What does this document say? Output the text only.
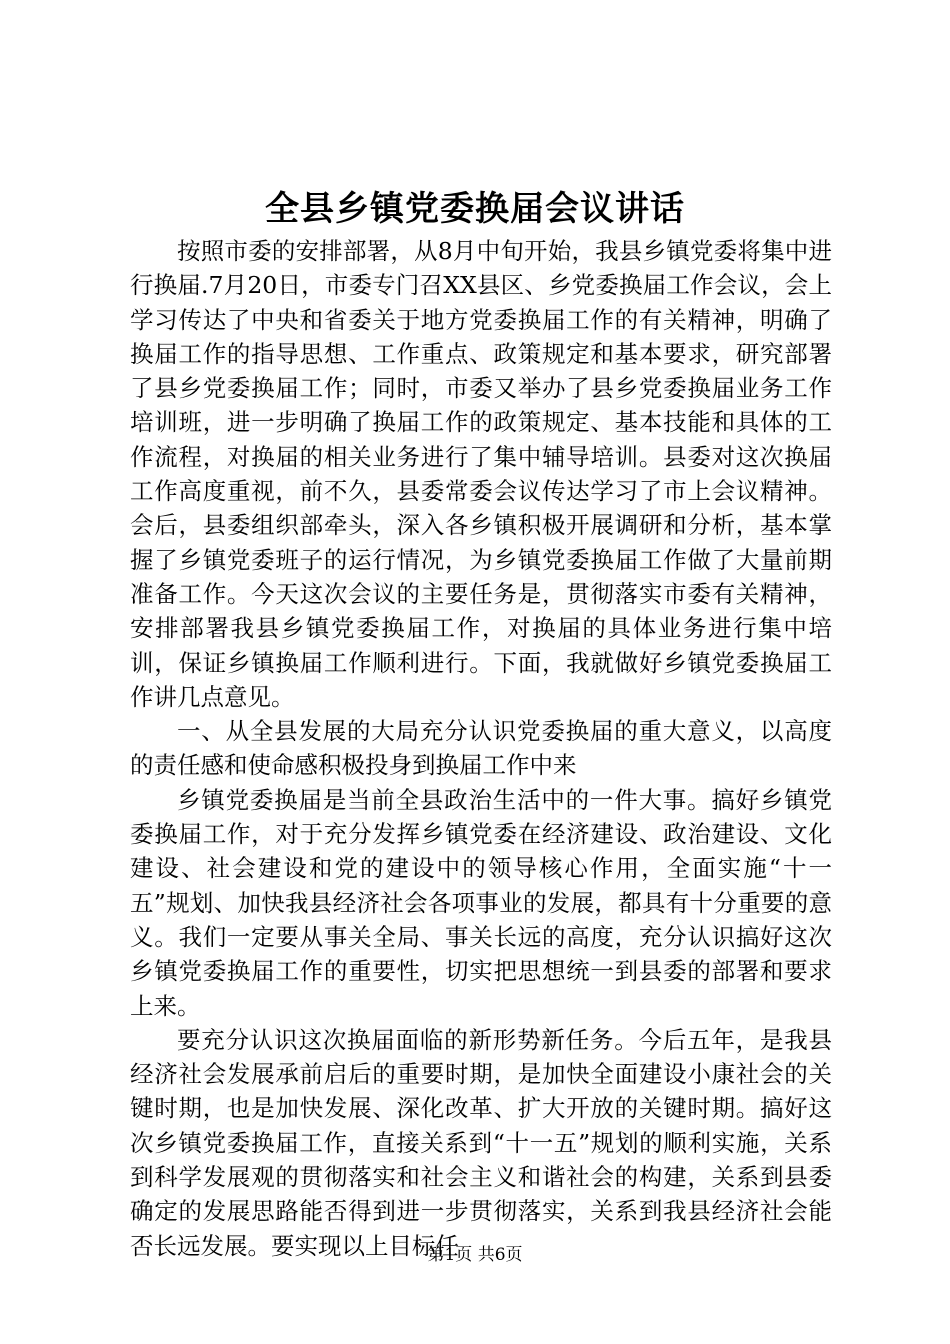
全县乡镇党委换届会议讲话

按照市委的安排部署，从8月中旬开始，我县乡镇党委将集中进行换届.7月20日，市委专门召XX县区、乡党委换届工作会议，会上学习传达了中央和省委关于地方党委换届工作的有关精神，明确了换届工作的指导思想、工作重点、政策规定和基本要求，研究部署了县乡党委换届工作；同时，市委又举办了县乡党委换届业务工作培训班，进一步明确了换届工作的政策规定、基本技能和具体的工作流程，对换届的相关业务进行了集中辅导培训。县委对这次换届工作高度重视，前不久，县委常委会议传达学习了市上会议精神。会后，县委组织部牵头，深入各乡镇积极开展调研和分析，基本掌握了乡镇党委班子的运行情况，为乡镇党委换届工作做了大量前期准备工作。今天这次会议的主要任务是，贯彻落实市委有关精神，安排部署我县乡镇党委换届工作，对换届的具体业务进行集中培训，保证乡镇换届工作顺利进行。下面，我就做好乡镇党委换届工作讲几点意见。

一、从全县发展的大局充分认识党委换届的重大意义，以高度的责任感和使命感积极投身到换届工作中来

乡镇党委换届是当前全县政治生活中的一件大事。搞好乡镇党委换届工作，对于充分发挥乡镇党委在经济建设、政治建设、文化建设、社会建设和党的建设中的领导核心作用，全面实施“十一五”规划、加快我县经济社会各项事业的发展，都具有十分重要的意义。我们一定要从事关全局、事关长远的高度，充分认识搞好这次乡镇党委换届工作的重要性，切实把思想统一到县委的部署和要求上来。

要充分认识这次换届面临的新形势新任务。今后五年，是我县经济社会发展承前启后的重要时期，是加快全面建设小康社会的关键时期，也是加快发展、深化改革、扩大开放的关键时期。搞好这次乡镇党委换届工作，直接关系到“十一五”规划的顺利实施，关系到科学发展观的贯彻落实和社会主义和谐社会的构建，关系到县委确定的发展思路能否得到进一步贯彻落实，关系到我县经济社会能否长远发展。要实现以上目标任

第1页 共6页
